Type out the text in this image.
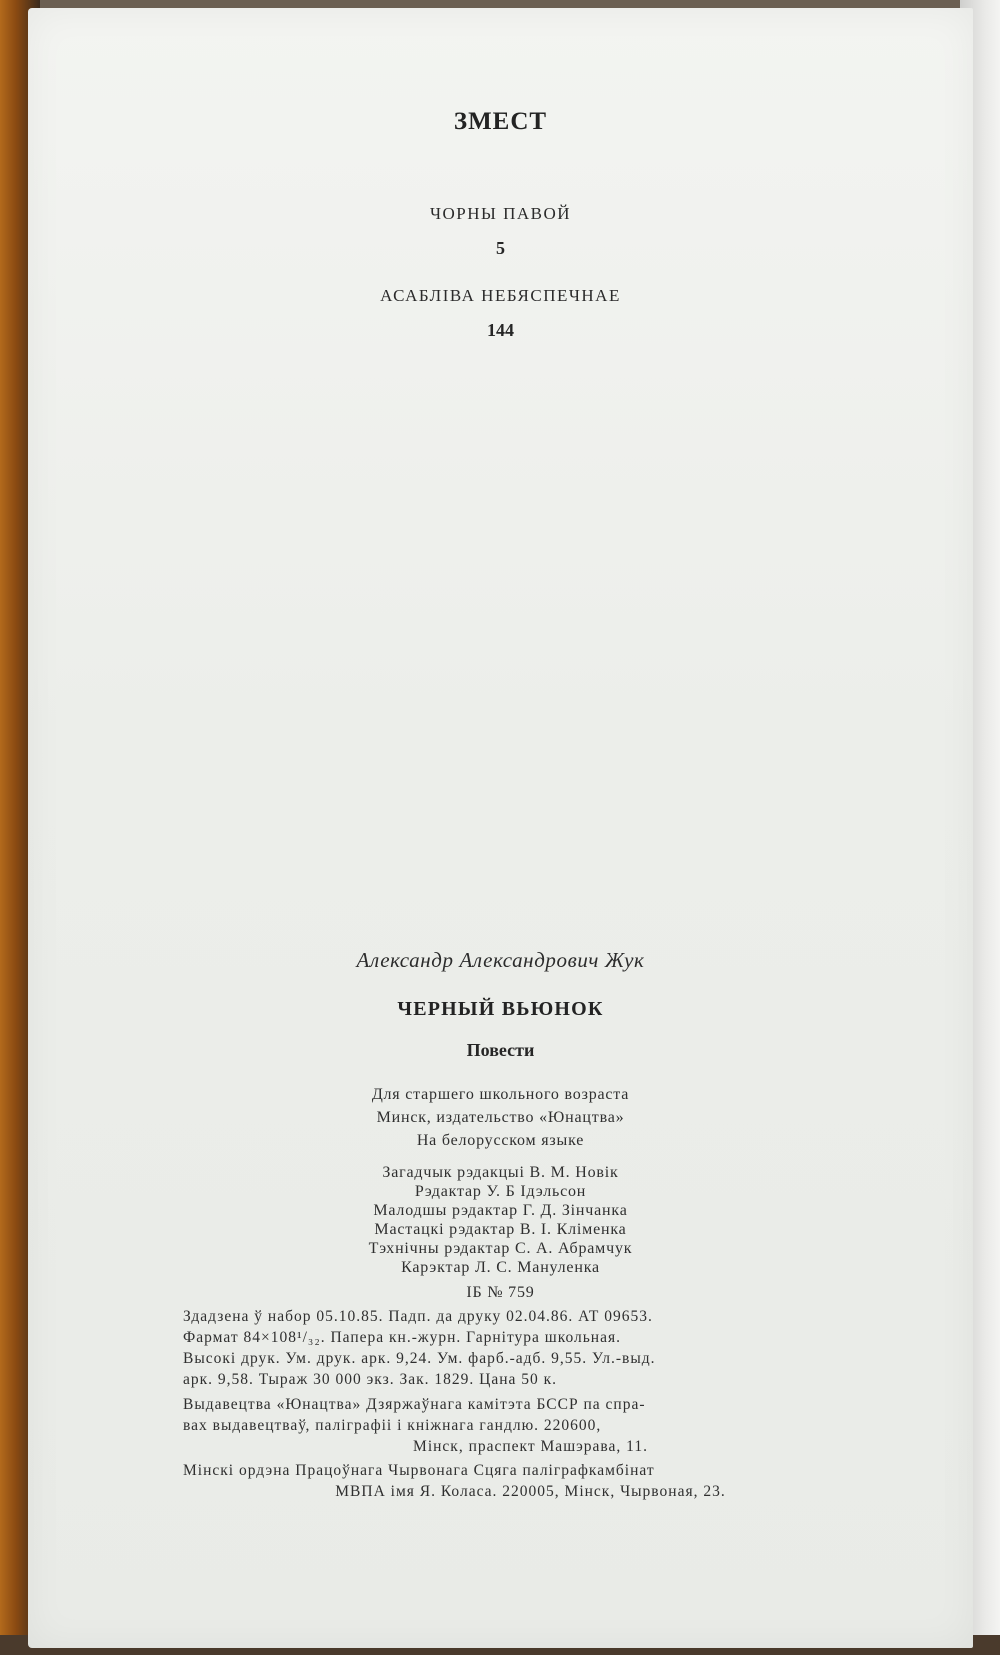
ЗМЕСТ
ЧОРНЫ ПАВОЙ
5
АСАБЛІВА НЕБЯСПЕЧНАЕ
144
Александр Александрович Жук
ЧЕРНЫЙ ВЬЮНОК
Повести
Для старшего школьного возраста
Минск, издательство «Юнацтва»
На белорусском языке
Загадчык рэдакцыі В. М. Новік
Рэдактар У. Б Ідэльсон
Малодшы рэдактар Г. Д. Зінчанка
Мастацкі рэдактар В. І. Кліменка
Тэхнічны рэдактар С. А. Абрамчук
Карэктар Л. С. Мануленка
ІБ № 759
Здадзена ў набор 05.10.85. Падп. да друку 02.04.86. АТ 09653.
Фармат 84×108¹/₃₂. Папера кн.-журн. Гарнітура школьная.
Высокі друк. Ум. друк. арк. 9,24. Ум. фарб.-адб. 9,55. Ул.-выд.
арк. 9,58. Тыраж 30 000 экз. Зак. 1829. Цана 50 к.
Выдавецтва «Юнацтва» Дзяржаўнага камітэта БССР па спра-
вах выдавецтваў, паліграфіі і кніжнага гандлю. 220600,
Мінск, праспект Машэрава, 11.
Мінскі ордэна Працоўнага Чырвонага Сцяга паліграфкамбінат
МВПА імя Я. Коласа. 220005, Мінск, Чырвоная, 23.
